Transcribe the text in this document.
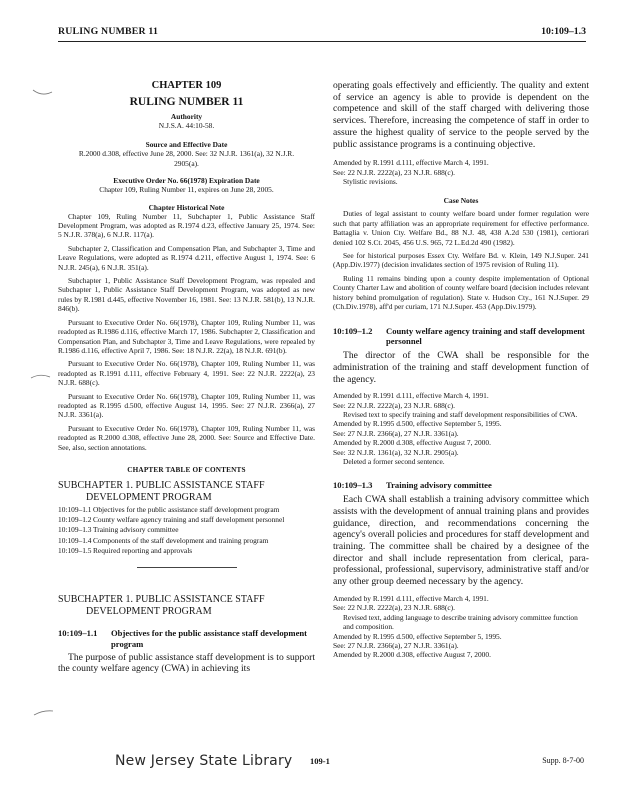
RULING NUMBER 11	10:109–1.3
CHAPTER 109
RULING NUMBER 11
Authority
N.J.S.A. 44:10-58.
Source and Effective Date
R.2000 d.308, effective June 28, 2000. See: 32 N.J.R. 1361(a), 32 N.J.R. 2905(a).
Executive Order No. 66(1978) Expiration Date
Chapter 109, Ruling Number 11, expires on June 28, 2005.
Chapter Historical Note
Chapter 109, Ruling Number 11, Subchapter 1, Public Assistance Staff Development Program, was adopted as R.1974 d.23, effective January 25, 1974. See: 5 N.J.R. 378(a), 6 N.J.R. 117(a).
Subchapter 2, Classification and Compensation Plan, and Subchapter 3, Time and Leave Regulations, were adopted as R.1974 d.211, effective August 1, 1974. See: 6 N.J.R. 245(a), 6 N.J.R. 351(a).
Subchapter 1, Public Assistance Staff Development Program, was repealed and Subchapter 1, Public Assistance Staff Development Program, was adopted as new rules by R.1981 d.445, effective November 16, 1981. See: 13 N.J.R. 581(b), 13 N.J.R. 846(b).
Pursuant to Executive Order No. 66(1978), Chapter 109, Ruling Number 11, was readopted as R.1986 d.116, effective March 17, 1986. Subchapter 2, Classification and Compensation Plan, and Subchapter 3, Time and Leave Regulations, were repealed by R.1986 d.116, effective April 7, 1986. See: 18 N.J.R. 22(a), 18 N.J.R. 691(b).
Pursuant to Executive Order No. 66(1978), Chapter 109, Ruling Number 11, was readopted as R.1991 d.111, effective February 4, 1991. See: 22 N.J.R. 2222(a), 23 N.J.R. 688(c).
Pursuant to Executive Order No. 66(1978), Chapter 109, Ruling Number 11, was readopted as R.1995 d.500, effective August 14, 1995. See: 27 N.J.R. 2366(a), 27 N.J.R. 3361(a).
Pursuant to Executive Order No. 66(1978), Chapter 109, Ruling Number 11, was readopted as R.2000 d.308, effective June 28, 2000. See: Source and Effective Date. See, also, section annotations.
CHAPTER TABLE OF CONTENTS
SUBCHAPTER 1. PUBLIC ASSISTANCE STAFF
DEVELOPMENT PROGRAM
10:109–1.1 Objectives for the public assistance staff development program
10:109–1.2 County welfare agency training and staff development personnel
10:109–1.3 Training advisory committee
10:109–1.4 Components of the staff development and training program
10:109–1.5 Required reporting and approvals
SUBCHAPTER 1. PUBLIC ASSISTANCE STAFF
DEVELOPMENT PROGRAM
10:109–1.1	Objectives for the public assistance staff development program
The purpose of public assistance staff development is to support the county welfare agency (CWA) in achieving its
operating goals effectively and efficiently. The quality and extent of service an agency is able to provide is dependent on the competence and skill of the staff charged with delivering those services. Therefore, increasing the competence of staff in order to assure the highest quality of service to the people served by the public assistance programs is a continuing objective.
Amended by R.1991 d.111, effective March 4, 1991.
See: 22 N.J.R. 2222(a), 23 N.J.R. 688(c).
Stylistic revisions.
Case Notes
Duties of legal assistant to county welfare board under former regulation were such that party affiliation was an appropriate requirement for effective performance. Battaglia v. Union Cty. Welfare Bd., 88 N.J. 48, 438 A.2d 530 (1981), certiorari denied 102 S.Ct. 2045, 456 U.S. 965, 72 L.Ed.2d 490 (1982).
See for historical purposes Essex Cty. Welfare Bd. v. Klein, 149 N.J.Super. 241 (App.Div.1977) (decision invalidates section of 1975 revision of Ruling 11).
Ruling 11 remains binding upon a county despite implementation of Optional County Charter Law and abolition of county welfare board (decision includes relevant history behind promulgation of regulation). State v. Hudson Cty., 161 N.J.Super. 29 (Ch.Div.1978), aff'd per curiam, 171 N.J.Super. 453 (App.Div.1979).
10:109–1.2	County welfare agency training and staff development personnel
The director of the CWA shall be responsible for the administration of the training and staff development function of the agency.
Amended by R.1991 d.111, effective March 4, 1991.
See: 22 N.J.R. 2222(a), 23 N.J.R. 688(c).
Revised text to specify training and staff development responsibilities of CWA.
Amended by R.1995 d.500, effective September 5, 1995.
See: 27 N.J.R. 2366(a), 27 N.J.R. 3361(a).
Amended by R.2000 d.308, effective August 7, 2000.
See: 32 N.J.R. 1361(a), 32 N.J.R. 2905(a).
Deleted a former second sentence.
10:109–1.3	Training advisory committee
Each CWA shall establish a training advisory committee which assists with the development of annual training plans and provides guidance, direction, and recommendations concerning the agency's overall policies and procedures for staff development and training. The committee shall be chaired by a designee of the director and shall include representation from clerical, para-professional, professional, supervisory, administrative staff and/or any other group deemed necessary by the agency.
Amended by R.1991 d.111, effective March 4, 1991.
See: 22 N.J.R. 2222(a), 23 N.J.R. 688(c).
Revised text, adding language to describe training advisory committee function and composition.
Amended by R.1995 d.500, effective September 5, 1995.
See: 27 N.J.R. 2366(a), 27 N.J.R. 3361(a).
Amended by R.2000 d.308, effective August 7, 2000.
New Jersey State Library 109-1	Supp. 8-7-00
